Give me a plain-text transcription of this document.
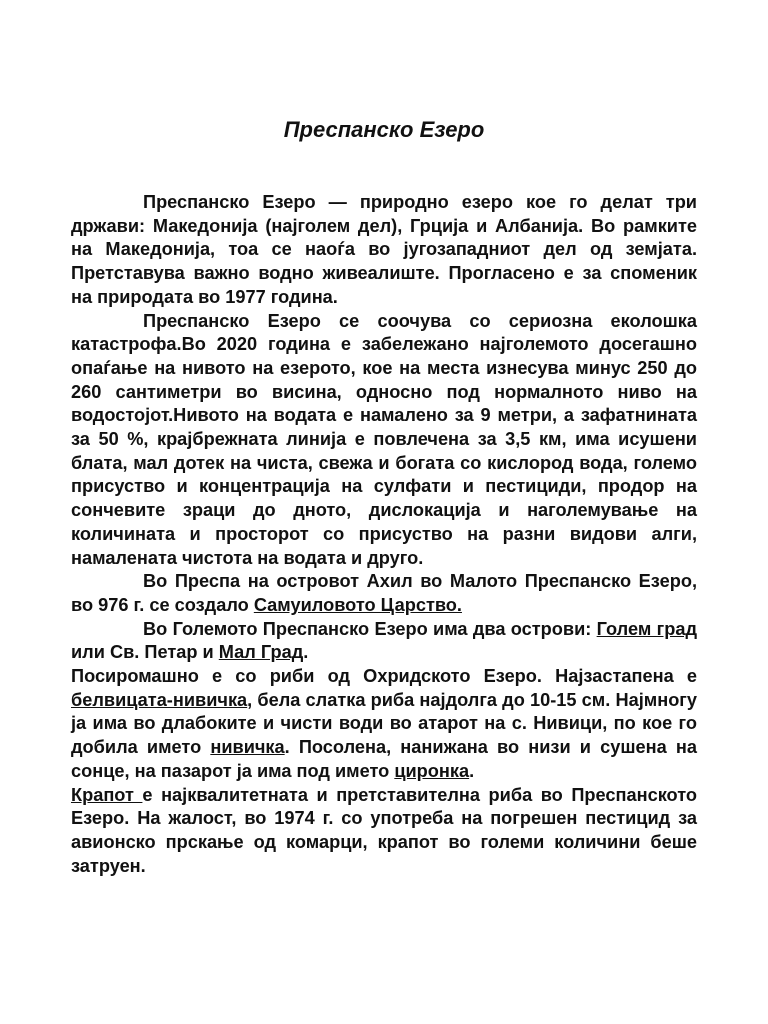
Преспанско Езеро

Преспанско Езеро — природно езеро кое го делат три држави: Македонија (најголем дел), Грција и Албанија. Во рамките на Македонија, тоа се наоѓа во југозападниот дел од земјата. Претставува важно водно живеалиште. Прогласено е за споменик на природата во 1977 година.

Преспанско Езеро се соочува со сериозна еколошка катастрофа.Во 2020 година е забележано најголемото досегашно опаѓање на нивото на езерото, кое на места изнесува минус 250 до 260 сантиметри во висина, односно под нормалното ниво на водостојот.Нивото на водата е намалено за 9 метри, а зафатнината за 50 %, крајбрежната линија е повлечена за 3,5 км, има исушени блата, мал дотек на чиста, свежа и богата со кислород вода, големо присуство и концентрација на сулфати и пестициди, продор на сончевите зраци до дното, дислокација и наголемување на количината и просторот со присуство на разни видови алги, намалената чистота на водата и друго.

Во Преспа на островот Ахил во Малото Преспанско Езеро, во 976 г. се создало Самуиловото Царство.

Во Големото Преспанско Езеро има два острови: Голем град или Св. Петар и Мал Град.

Посиромашно е со риби од Охридското Езеро. Најзастапена е белвицата-нивичка, бела слатка риба најдолга до 10-15 см. Најмногу ја има во длабоките и чисти води во атарот на с. Нивици, по кое го добила името нивичка. Посолена, нанижана во низи и сушена на сонце, на пазарот ја има под името циронка.

Крапот е најквалитетната и претставителна риба во Преспанското Езеро. На жалост, во 1974 г. со употреба на погрешен пестицид за авионско прскање од комарци, крапот во големи количини беше затруен.
